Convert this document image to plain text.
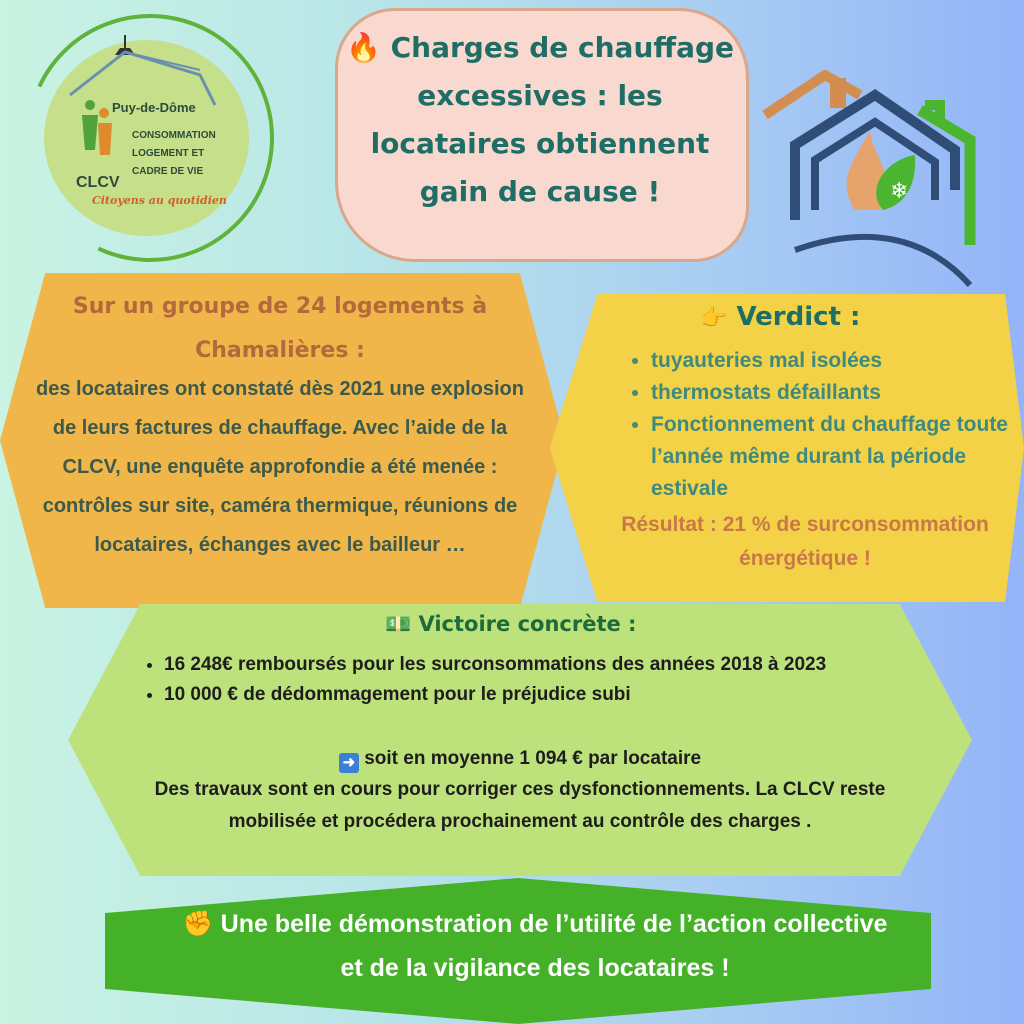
Puy-de-Dôme
CONSOMMATION
LOGEMENT ET
CADRE DE VIE
CLCV
Citoyens au quotidien
🔥 Charges de chauffage excessives : les locataires obtiennent gain de cause !	❄
Sur un groupe de 24 logements à Chamalières :
des locataires ont constaté dès 2021 une explosion de leurs factures de chauffage. Avec l’aide de la CLCV, une enquête approfondie a été menée : contrôles sur site, caméra thermique, réunions de locataires, échanges avec le bailleur …
👉 Verdict :
• tuyauteries mal isolées
• thermostats défaillants
• Fonctionnement du chauffage toute l’année même durant la période estivale
Résultat : 21 % de surconsommation énergétique !
💵 Victoire concrète :
• 16 248€ remboursés pour les surconsommations des années 2018 à 2023
• 10 000 € de dédommagement pour le préjudice subi
➜ soit en moyenne 1 094 € par locataire
Des travaux sont en cours pour corriger ces dysfonctionnements. La CLCV reste mobilisée et procédera prochainement au contrôle des charges .
✊ Une belle démonstration de l’utilité de l’action collective et de la vigilance des locataires !
